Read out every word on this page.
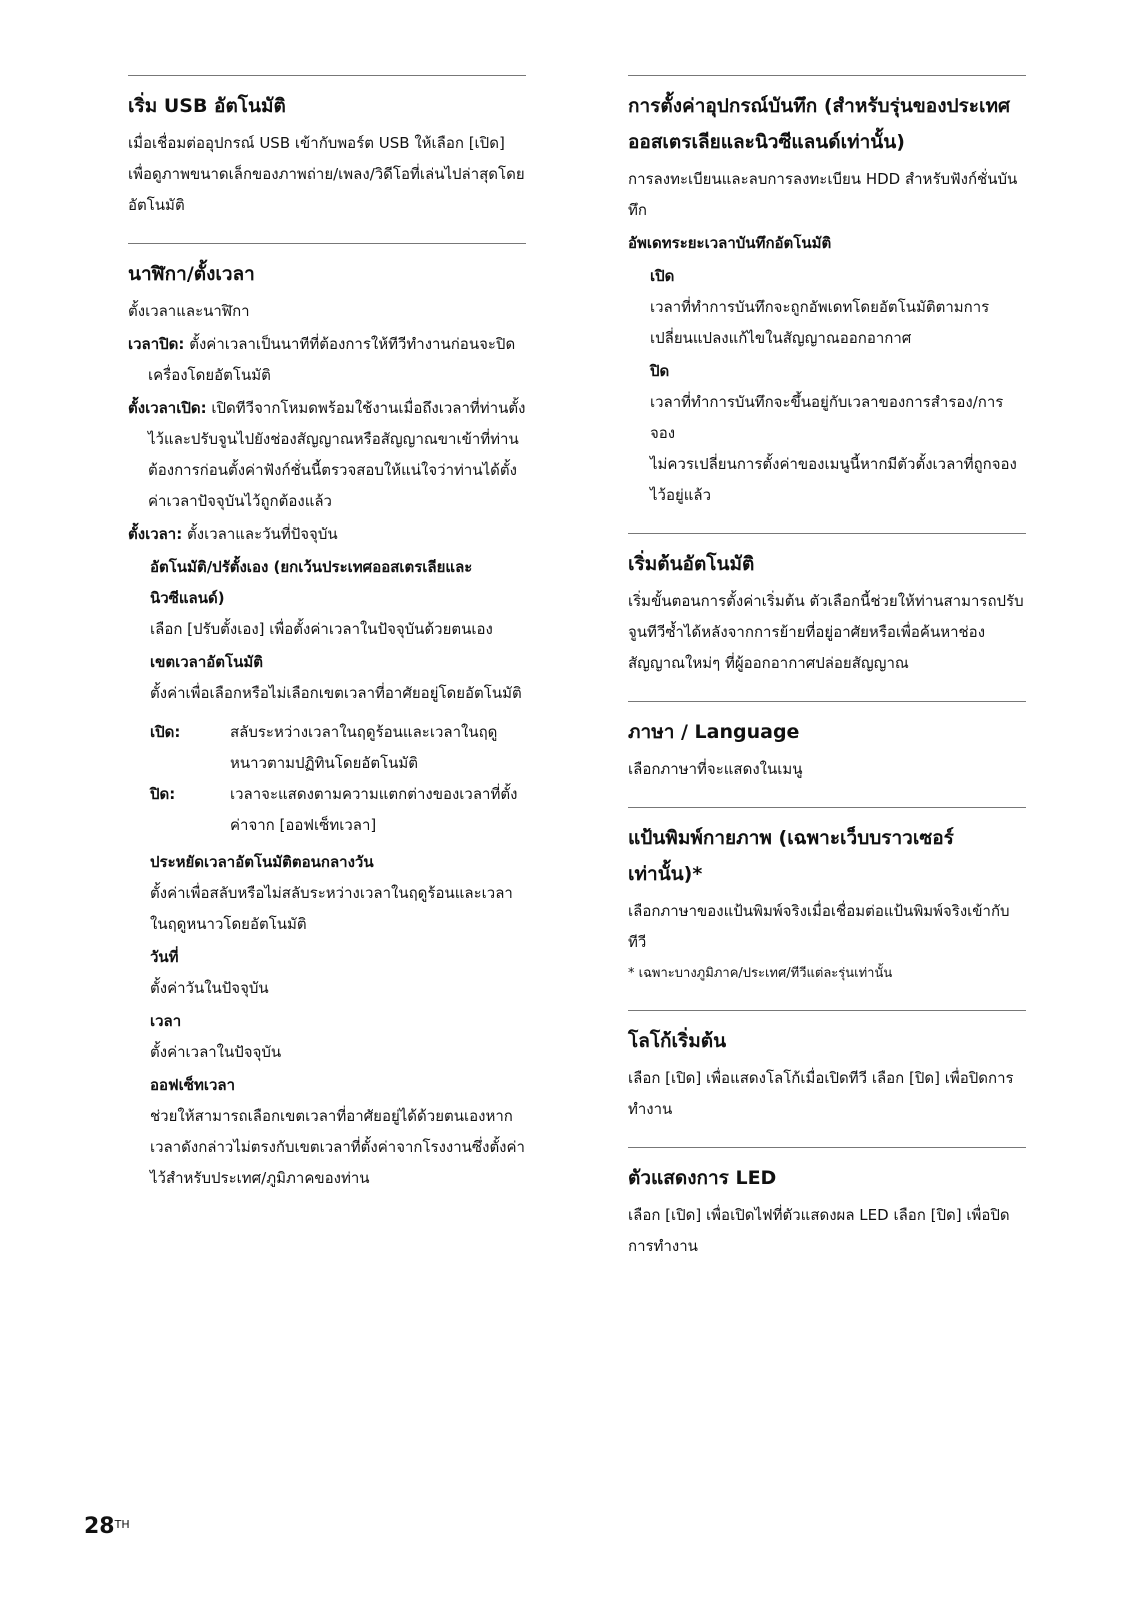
เริ่ม USB อัตโนมัติ

เมื่อเชื่อมต่ออุปกรณ์ USB เข้ากับพอร์ต USB ให้เลือก [เปิด] เพื่อดูภาพขนาดเล็กของภาพถ่าย/เพลง/วิดีโอที่เล่นไปล่าสุดโดยอัตโนมัติ

นาฬิกา/ตั้งเวลา

ตั้งเวลาและนาฬิกา

เวลาปิด: ตั้งค่าเวลาเป็นนาทีที่ต้องการให้ทีวีทำงานก่อนจะปิดเครื่องโดยอัตโนมัติ
ตั้งเวลาเปิด: เปิดทีวีจากโหมดพร้อมใช้งานเมื่อถึงเวลาที่ท่านตั้งไว้และปรับจูนไปยังช่องสัญญาณหรือสัญญาณขาเข้าที่ท่านต้องการก่อนตั้งค่าฟังก์ชั่นนี้ตรวจสอบให้แน่ใจว่าท่านได้ตั้งค่าเวลาปัจจุบันไว้ถูกต้องแล้ว
ตั้งเวลา: ตั้งเวลาและวันที่ปัจจุบัน
อัตโนมัติ/ปรัตั้งเอง (ยกเว้นประเทศออสเตรเลียและนิวซีแลนด์)

เลือก [ปรับตั้งเอง] เพื่อตั้งค่าเวลาในปัจจุบันด้วยตนเอง

เขตเวลาอัตโนมัติ

ตั้งค่าเพื่อเลือกหรือไม่เลือกเขตเวลาที่อาศัยอยู่โดยอัตโนมัติ

เปิด:	สลับระหว่างเวลาในฤดูร้อนและเวลาในฤดูหนาวตามปฏิทินโดยอัตโนมัติ
ปิด:	เวลาจะแสดงตามความแตกต่างของเวลาที่ตั้งค่าจาก [ออฟเซ็ทเวลา]
ประหยัดเวลาอัตโนมัติตอนกลางวัน

ตั้งค่าเพื่อสลับหรือไม่สลับระหว่างเวลาในฤดูร้อนและเวลาในฤดูหนาวโดยอัตโนมัติ

วันที่

ตั้งค่าวันในปัจจุบัน

เวลา

ตั้งค่าเวลาในปัจจุบัน

ออฟเซ็ทเวลา

ช่วยให้สามารถเลือกเขตเวลาที่อาศัยอยู่ได้ด้วยตนเองหากเวลาดังกล่าวไม่ตรงกับเขตเวลาที่ตั้งค่าจากโรงงานซึ่งตั้งค่าไว้สำหรับประเทศ/ภูมิภาคของท่าน

การตั้งค่าอุปกรณ์บันทึก (สำหรับรุ่นของประเทศออสเตรเลียและนิวซีแลนด์เท่านั้น)

การลงทะเบียนและลบการลงทะเบียน HDD สำหรับฟังก์ชั่นบันทึก

อัพเดทระยะเวลาบันทึกอัตโนมัติ
เปิด

เวลาที่ทำการบันทึกจะถูกอัพเดทโดยอัตโนมัติตามการเปลี่ยนแปลงแก้ไขในสัญญาณออกอากาศ

ปิด

เวลาที่ทำการบันทึกจะขึ้นอยู่กับเวลาของการสำรอง/การจอง

ไม่ควรเปลี่ยนการตั้งค่าของเมนูนี้หากมีตัวตั้งเวลาที่ถูกจองไว้อยู่แล้ว

เริ่มต้นอัตโนมัติ

เริ่มขั้นตอนการตั้งค่าเริ่มต้น ตัวเลือกนี้ช่วยให้ท่านสามารถปรับจูนทีวีซ้ำได้หลังจากการย้ายที่อยู่อาศัยหรือเพื่อค้นหาช่องสัญญาณใหม่ๆ ที่ผู้ออกอากาศปล่อยสัญญาณ

ภาษา / Language

เลือกภาษาที่จะแสดงในเมนู

แป้นพิมพ์กายภาพ (เฉพาะเว็บบราวเซอร์เท่านั้น)*

เลือกภาษาของแป้นพิมพ์จริงเมื่อเชื่อมต่อแป้นพิมพ์จริงเข้ากับทีวี

* เฉพาะบางภูมิภาค/ประเทศ/ทีวีแต่ละรุ่นเท่านั้น
โลโก้เริ่มต้น

เลือก [เปิด] เพื่อแสดงโลโก้เมื่อเปิดทีวี เลือก [ปิด] เพื่อปิดการทำงาน

ตัวแสดงการ LED

เลือก [เปิด] เพื่อเปิดไฟที่ตัวแสดงผล LED เลือก [ปิด] เพื่อปิดการทำงาน

28TH
